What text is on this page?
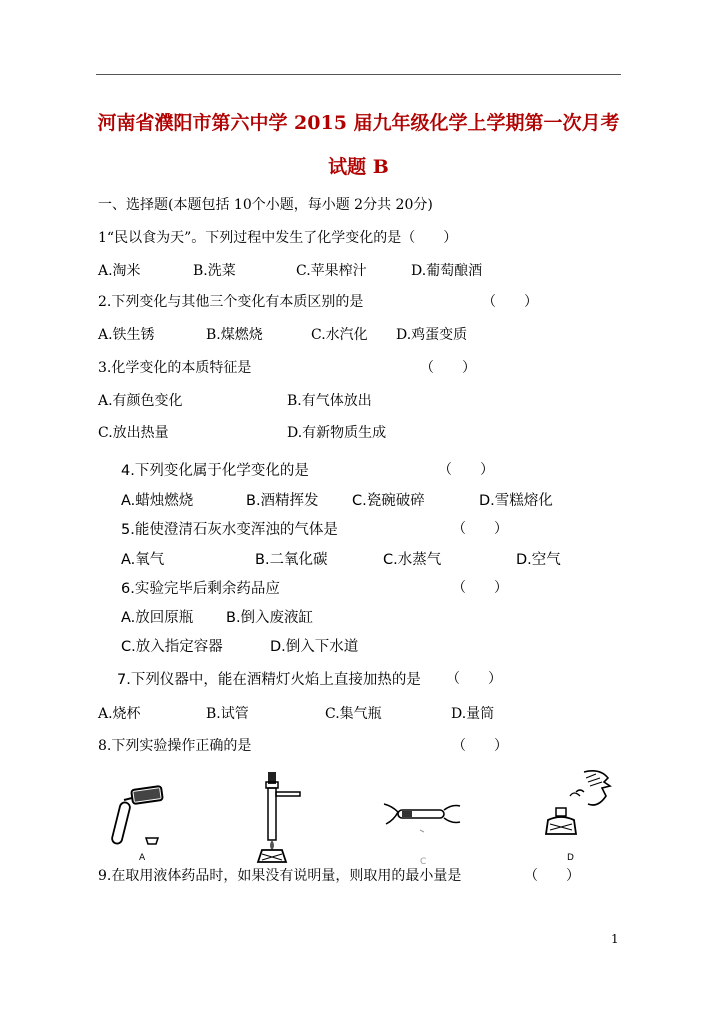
河南省濮阳市第六中学 2015 届九年级化学上学期第一次月考
试题 B
一、选择题(本题包括 10个小题，每小题 2分共 20分)
1“民以食为天”。下列过程中发生了化学变化的是（　　）
A.淘米	B.洗菜	C.苹果榨汁	D.葡萄酿酒
2.下列变化与其他三个变化有本质区别的是	（　　）
A.铁生锈	B.煤燃烧	C.水汽化 D.鸡蛋变质
3.化学变化的本质特征是	（　　）
A.有颜色变化	B.有气体放出
C.放出热量	D.有新物质生成
4.下列变化属于化学变化的是	（　　）
A.蜡烛燃烧	B.酒精挥发 C.瓷碗破碎	D.雪糕熔化
5.能使澄清石灰水变浑浊的气体是	（　　）
A.氧气	B.二氧化碳	C.水蒸气	D.空气
6.实验完毕后剩余药品应	（　　）
A.放回原瓶 B.倒入废液缸
C.放入指定容器	D.倒入下水道
7.下列仪器中，能在酒精灯火焰上直接加热的是 （　　）
A.烧杯	B.试管	C.集气瓶	D.量筒
8.下列实验操作正确的是	（　　）
A	C	D
9.在取用液体药品时，如果没有说明量，则取用的最小量是	（　　）
1
